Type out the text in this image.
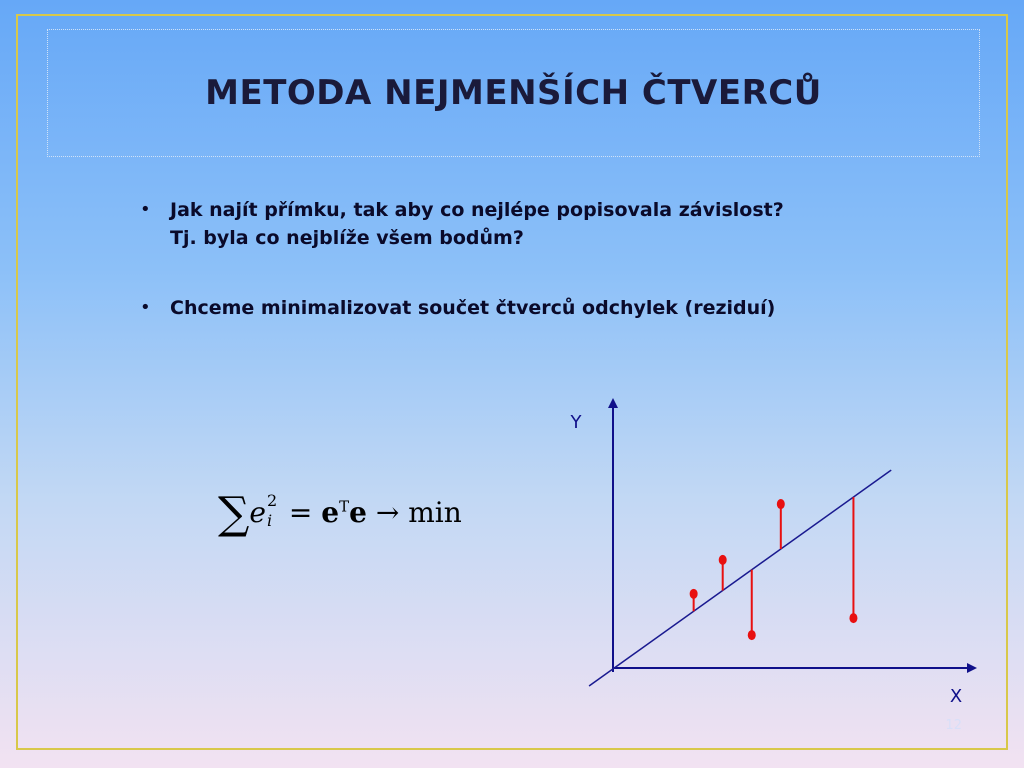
METODA NEJMENŠÍCH ČTVERCŮ
• Jak najít přímku, tak aby co nejlépe popisovala závislost?
Tj. byla co nejblíže všem bodům?
• Chceme minimalizovat součet čtverců odchylek (reziduí)
∑e 2
$i = e^Te \to \min$
Y
X

12
